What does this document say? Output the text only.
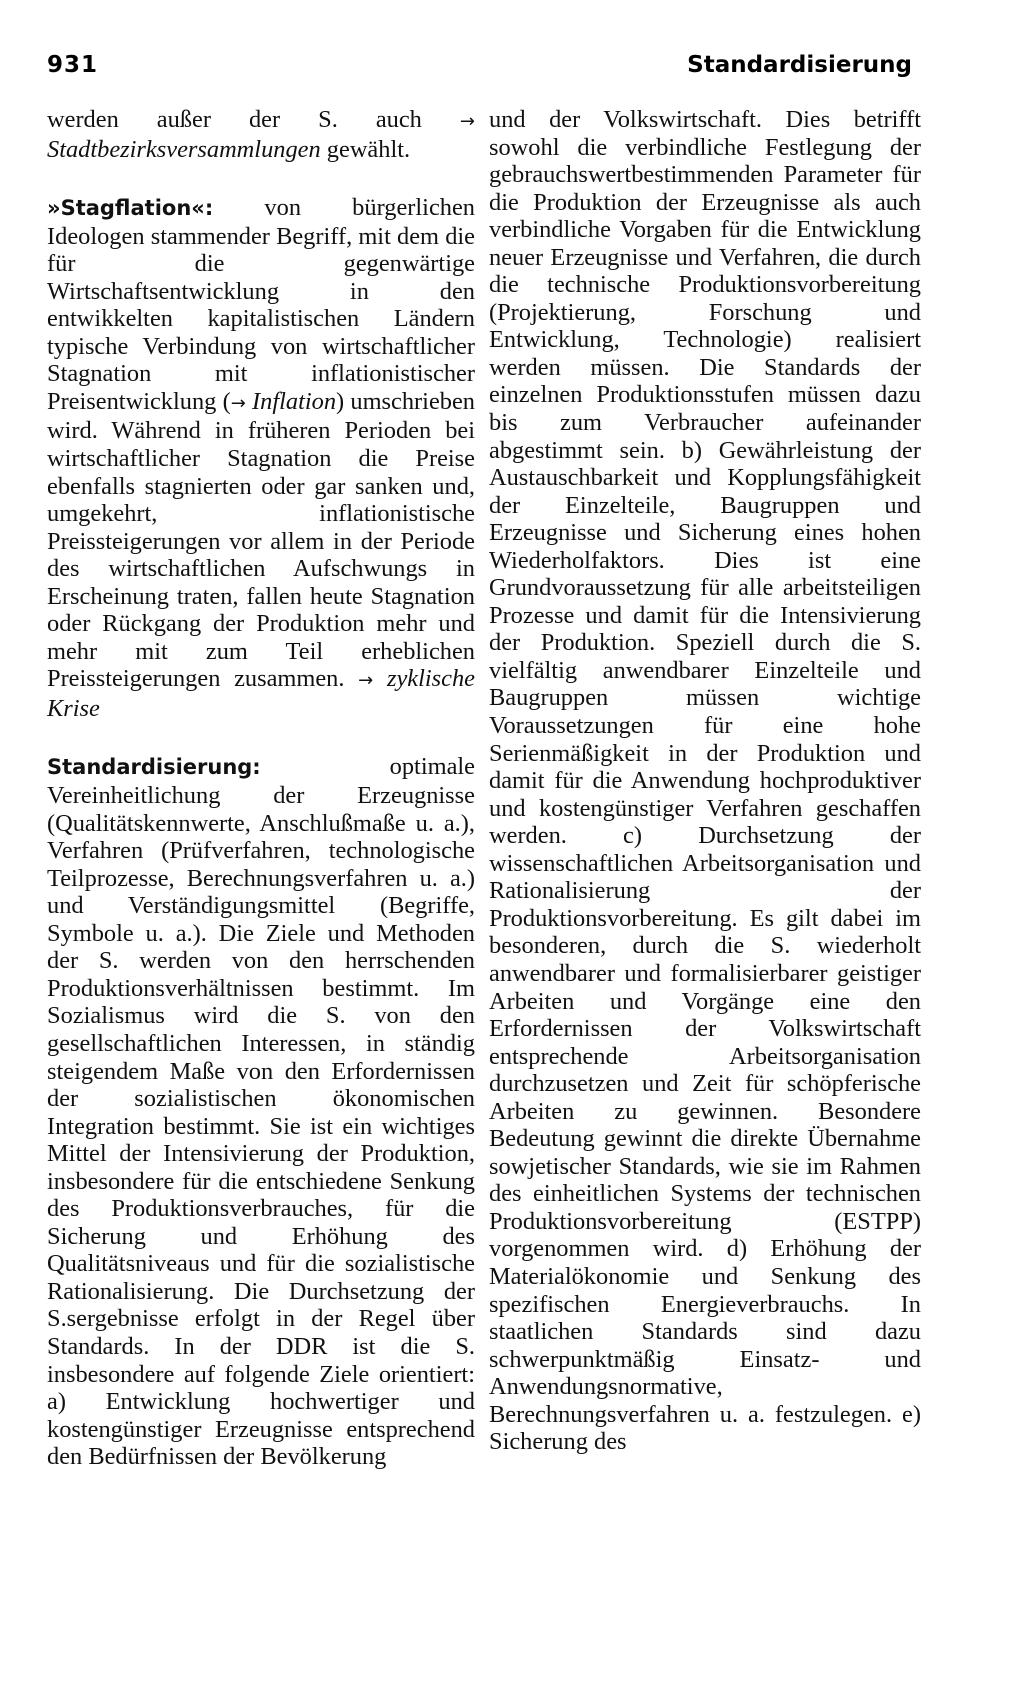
931	Standardisierung

werden außer der S. auch → Stadtbezirksversammlungen gewählt.

»Stagflation«: von bürgerlichen Ideologen stammender Begriff, mit dem die für die gegenwärtige Wirtschaftsentwicklung in den entwikkelten kapitalistischen Ländern typische Verbindung von wirtschaftlicher Stagnation mit inflationistischer Preisentwicklung (→ Inflation) umschrieben wird. Während in früheren Perioden bei wirtschaftlicher Stagnation die Preise ebenfalls stagnierten oder gar sanken und, umgekehrt, inflationistische Preissteigerungen vor allem in der Periode des wirtschaftlichen Aufschwungs in Erscheinung traten, fallen heute Stagnation oder Rückgang der Produktion mehr und mehr mit zum Teil erheblichen Preissteigerungen zusammen. → zyklische Krise

Standardisierung:	optimale Vereinheitlichung der Erzeugnisse (Qualitätskennwerte, Anschlußmaße u. a.), Verfahren (Prüfverfahren, technologische Teilprozesse, Berechnungsverfahren u. a.) und Verständigungsmittel (Begriffe, Symbole u. a.). Die Ziele und Methoden der S. werden von den herrschenden Produktionsverhältnissen bestimmt. Im Sozialismus wird die S. von den gesellschaftlichen Interessen, in ständig steigendem Maße von den Erfordernissen der sozialistischen ökonomischen Integration bestimmt. Sie ist ein wichtiges Mittel der Intensivierung der Produktion, insbesondere für die entschiedene Senkung des Produktionsverbrauches, für die Sicherung und Erhöhung des Qualitätsniveaus und für die sozialistische Rationalisierung. Die Durchsetzung der S.sergebnisse erfolgt in der Regel über Standards. In der DDR ist die S. insbesondere auf folgende Ziele orientiert: a) Entwicklung hochwertiger und kostengünstiger Erzeugnisse entsprechend den Bedürfnissen der Bevölkerung

und der Volkswirtschaft. Dies betrifft sowohl die verbindliche Festlegung der gebrauchswertbestimmenden Parameter für die Produktion der Erzeugnisse als auch verbindliche Vorgaben für die Entwicklung neuer Erzeugnisse und Verfahren, die durch die technische Produktionsvorbereitung (Projektierung, Forschung und Entwicklung, Technologie) realisiert werden müssen. Die Standards der einzelnen Produktionsstufen müssen dazu bis zum Verbraucher aufeinander abgestimmt sein. b) Gewährleistung der Austauschbarkeit und Kopplungsfähigkeit der Einzelteile, Baugruppen und Erzeugnisse und Sicherung eines hohen Wiederholfaktors. Dies ist eine Grundvoraussetzung für alle arbeitsteiligen Prozesse und damit für die Intensivierung der Produktion. Speziell durch die S. vielfältig anwendbarer Einzelteile und Baugruppen müssen wichtige Voraussetzungen für eine hohe Serienmäßigkeit in der Produktion und damit für die Anwendung hochproduktiver und kostengünstiger Verfahren geschaffen werden. c) Durchsetzung der wissenschaftlichen Arbeitsorganisation und Rationalisierung der Produktionsvorbereitung. Es gilt dabei im besonderen, durch die S. wiederholt anwendbarer und formalisierbarer geistiger Arbeiten und Vorgänge eine den Erfordernissen der Volkswirtschaft entsprechende Arbeitsorganisation durchzusetzen und Zeit für schöpferische Arbeiten zu gewinnen. Besondere Bedeutung gewinnt die direkte Übernahme sowjetischer Standards, wie sie im Rahmen des einheitlichen Systems der technischen Produktionsvorbereitung (ESTPP) vorgenommen wird. d) Erhöhung der Materialökonomie und Senkung des spezifischen Energieverbrauchs. In staatlichen Standards sind dazu schwerpunktmäßig Einsatz- und Anwendungsnormative, Berechnungsverfahren u. a. festzulegen. e) Sicherung des
